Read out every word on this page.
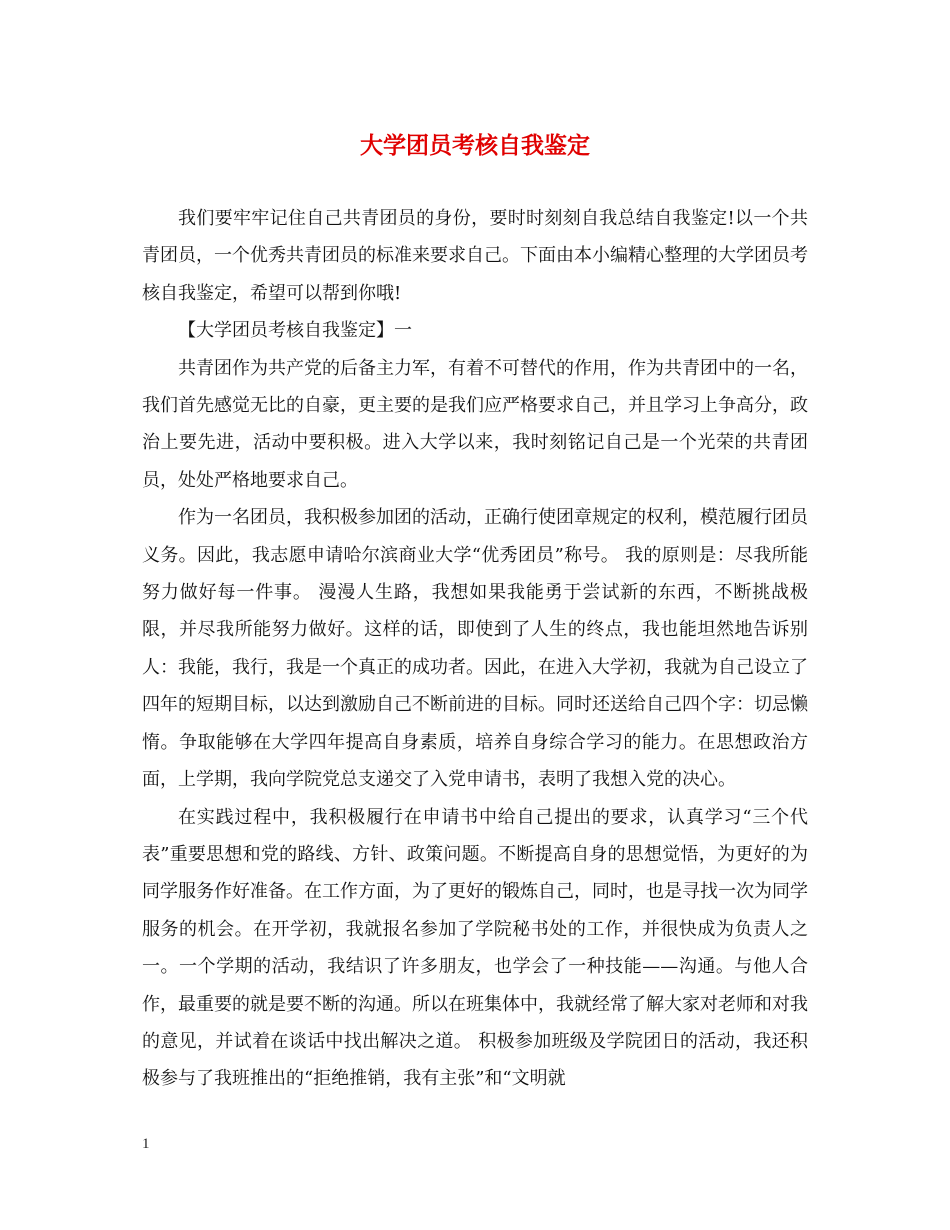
大学团员考核自我鉴定

我们要牢牢记住自己共青团员的身份，要时时刻刻自我总结自我鉴定!以一个共青团员，一个优秀共青团员的标准来要求自己。下面由本小编精心整理的大学团员考核自我鉴定，希望可以帮到你哦!

【大学团员考核自我鉴定】一

共青团作为共产党的后备主力军，有着不可替代的作用，作为共青团中的一名，我们首先感觉无比的自豪，更主要的是我们应严格要求自己，并且学习上争高分，政治上要先进，活动中要积极。进入大学以来，我时刻铭记自己是一个光荣的共青团员，处处严格地要求自己。

作为一名团员，我积极参加团的活动，正确行使团章规定的权利，模范履行团员义务。因此，我志愿申请哈尔滨商业大学“优秀团员”称号。 我的原则是：尽我所能努力做好每一件事。 漫漫人生路，我想如果我能勇于尝试新的东西，不断挑战极限，并尽我所能努力做好。这样的话，即使到了人生的终点，我也能坦然地告诉别人：我能，我行，我是一个真正的成功者。因此，在进入大学初，我就为自己设立了四年的短期目标，以达到激励自己不断前进的目标。同时还送给自己四个字：切忌懒惰。争取能够在大学四年提高自身素质，培养自身综合学习的能力。在思想政治方面，上学期，我向学院党总支递交了入党申请书，表明了我想入党的决心。

在实践过程中，我积极履行在申请书中给自己提出的要求，认真学习“三个代表”重要思想和党的路线、方针、政策问题。不断提高自身的思想觉悟，为更好的为同学服务作好准备。在工作方面，为了更好的锻炼自己，同时，也是寻找一次为同学服务的机会。在开学初，我就报名参加了学院秘书处的工作，并很快成为负责人之一。一个学期的活动，我结识了许多朋友，也学会了一种技能——沟通。与他人合作，最重要的就是要不断的沟通。所以在班集体中，我就经常了解大家对老师和对我的意见，并试着在谈话中找出解决之道。 积极参加班级及学院团日的活动，我还积极参与了我班推出的“拒绝推销，我有主张”和“文明就

1
